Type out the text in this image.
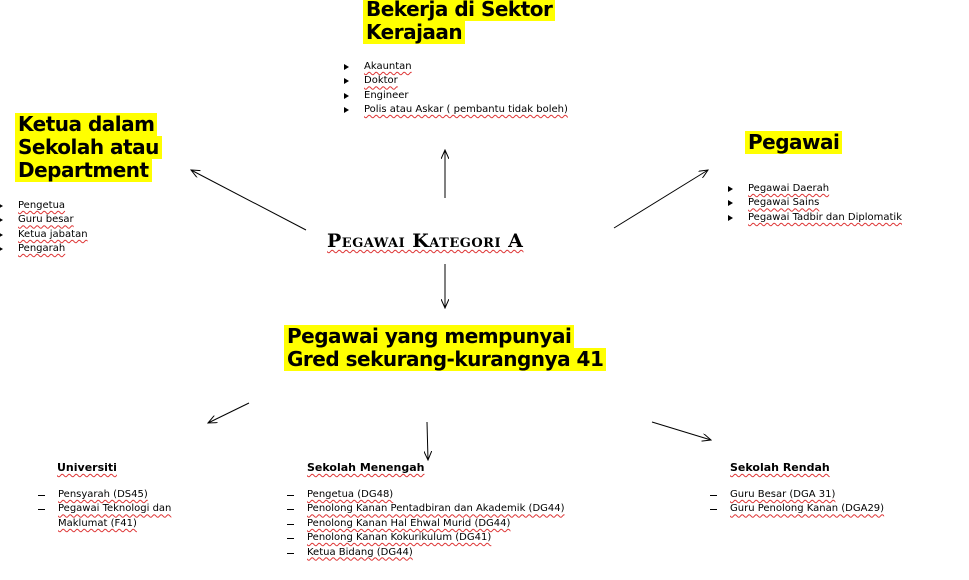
Pegawai Kategori A
Bekerja di Sektor
Kerajaan
Akauntan
Doktor
Engineer
Polis atau Askar ( pembantu tidak boleh)
Ketua dalam
Sekolah atau
Department
Pengetua
Guru besar
Ketua jabatan
Pengarah
Pegawai
Pegawai Daerah
Pegawai Sains
Pegawai Tadbir dan Diplomatik
Pegawai yang mempunyai
Gred sekurang-kurangnya 41
Universiti
Pensyarah (DS45)
Pegawai Teknologi dan
Maklumat (F41)
Sekolah Menengah
Pengetua (DG48)
Penolong Kanan Pentadbiran dan Akademik (DG44)
Penolong Kanan Hal Ehwal Murid (DG44)
Penolong Kanan Kokurikulum (DG41)
Ketua Bidang (DG44)
Sekolah Rendah
Guru Besar (DGA 31)
Guru Penolong Kanan (DGA29)
